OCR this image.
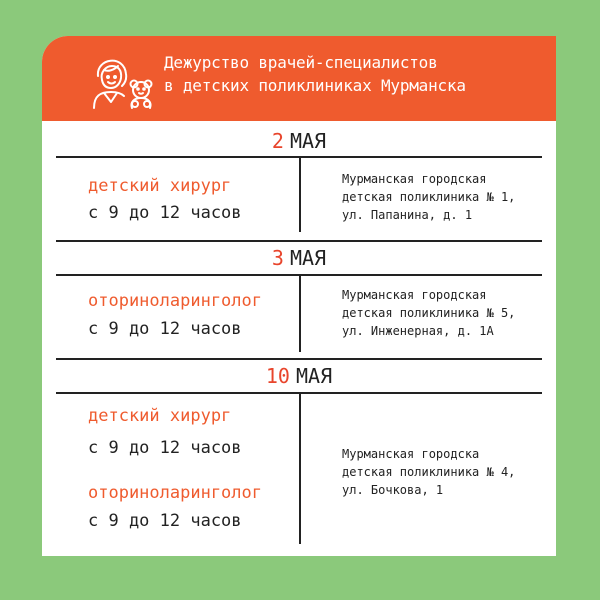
Дежурство врачей-специалистов
в детских поликлиниках Мурманска
2 МАЯ
детский хирург
с 9 до 12 часов
Мурманская городская
детская поликлиника № 1,
ул. Папанина, д. 1
3 МАЯ
оториноларинголог
с 9 до 12 часов
Мурманская городская
детская поликлиника № 5,
ул. Инженерная, д. 1А
10 МАЯ
детский хирург
с 9 до 12 часов
оториноларинголог
с 9 до 12 часов
Мурманская городска
детская поликлиника № 4,
ул. Бочкова, 1
